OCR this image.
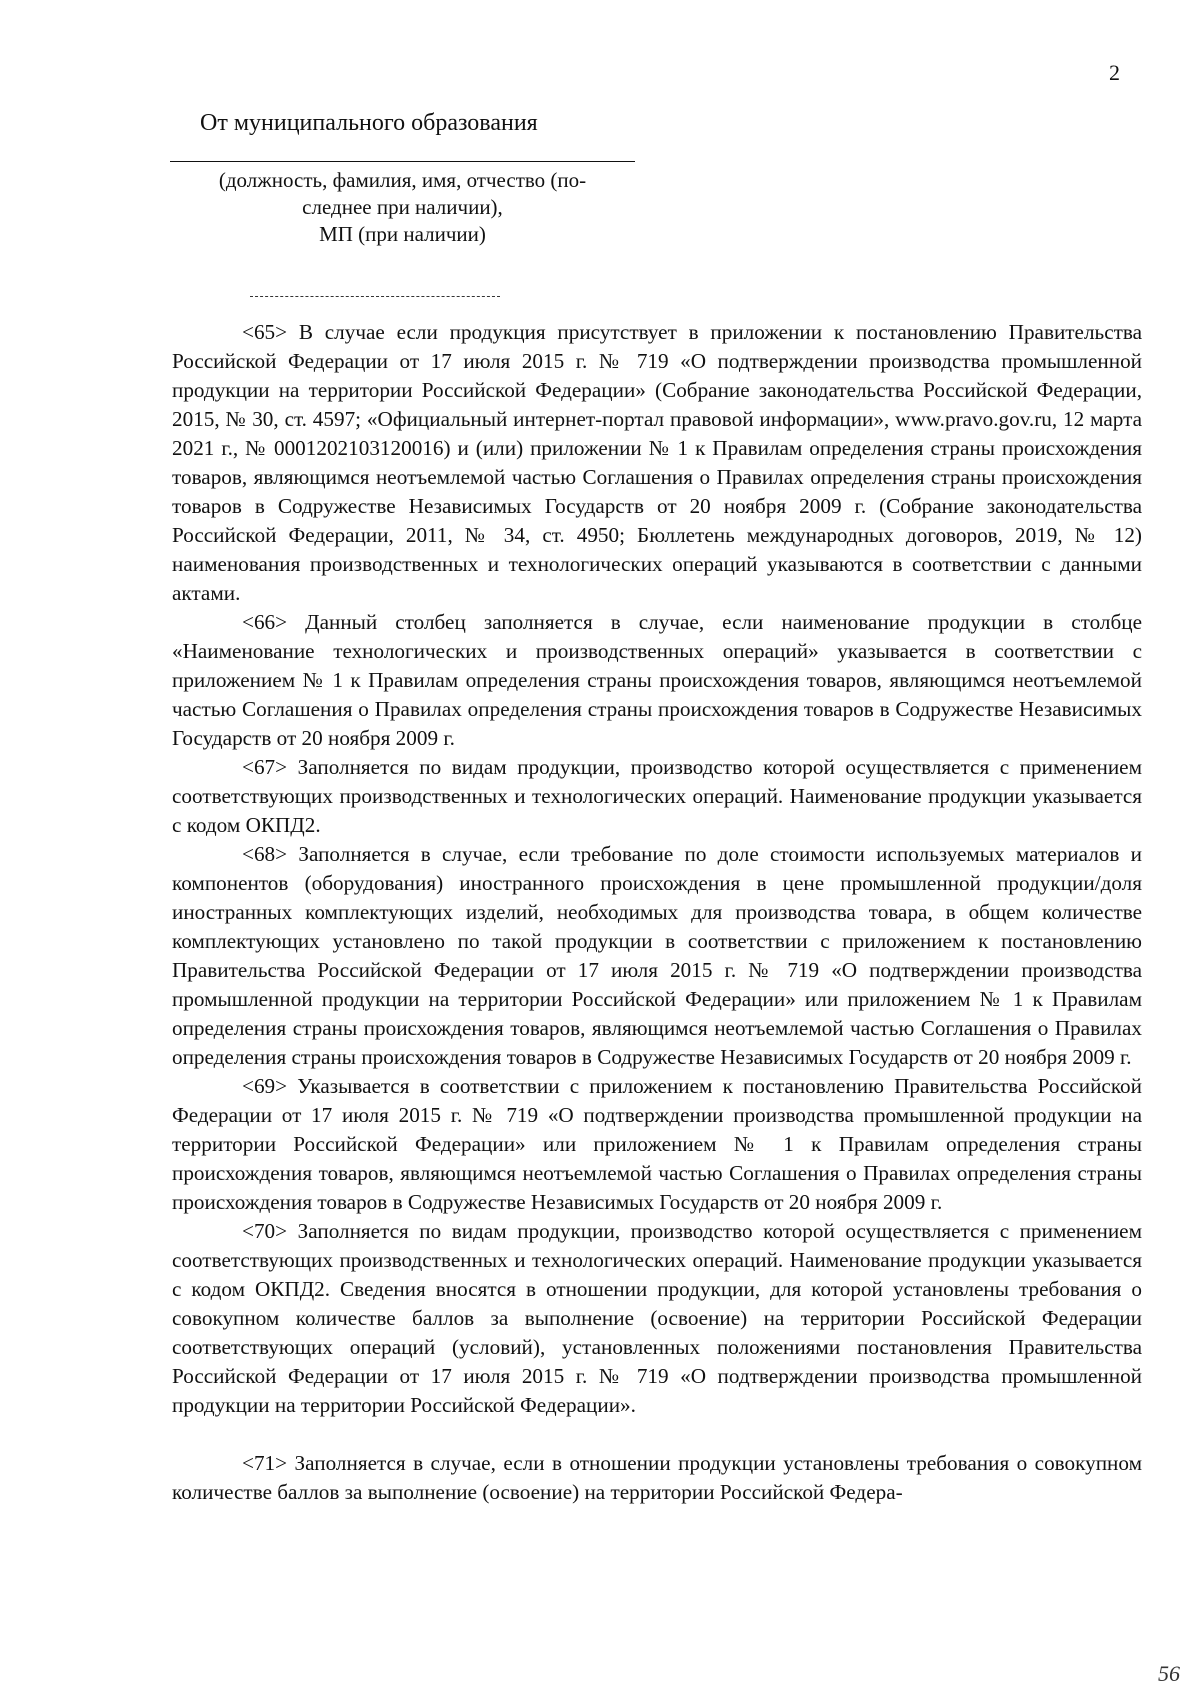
2
От муниципального образования
(должность, фамилия, имя, отчество (по-
следнее при наличии),
МП (при наличии)

<65> В случае если продукция присутствует в приложении к постановлению Правительства Российской Федерации от 17 июля 2015 г. № 719 «О подтверждении производства промышленной продукции на территории Российской Федерации» (Собрание законодательства Российской Федерации, 2015, № 30, ст. 4597; «Официальный интернет-портал правовой информации», www.pravo.gov.ru, 12 марта 2021 г., № 0001202103120016) и (или) приложении № 1 к Правилам определения страны происхождения товаров, являющимся неотъемлемой частью Соглашения о Правилах определения страны происхождения товаров в Содружестве Независимых Государств от 20 ноября 2009 г. (Собрание законодательства Российской Федерации, 2011, № 34, ст. 4950; Бюллетень международных договоров, 2019, № 12) наименования производственных и технологических операций указываются в соответствии с данными актами.

<66> Данный столбец заполняется в случае, если наименование продукции в столбце «Наименование технологических и производственных операций» указывается в соответствии с приложением № 1 к Правилам определения страны происхождения товаров, являющимся неотъемлемой частью Соглашения о Правилах определения страны происхождения товаров в Содружестве Независимых Государств от 20 ноября 2009 г.

<67> Заполняется по видам продукции, производство которой осуществляется с применением соответствующих производственных и технологических операций. Наименование продукции указывается с кодом ОКПД2.

<68> Заполняется в случае, если требование по доле стоимости используемых материалов и компонентов (оборудования) иностранного происхождения в цене промышленной продукции/доля иностранных комплектующих изделий, необходимых для производства товара, в общем количестве комплектующих установлено по такой продукции в соответствии с приложением к постановлению Правительства Российской Федерации от 17 июля 2015 г. № 719 «О подтверждении производства промышленной продукции на территории Российской Федерации» или приложением № 1 к Правилам определения страны происхождения товаров, являющимся неотъемлемой частью Соглашения о Правилах определения страны происхождения товаров в Содружестве Независимых Государств от 20 ноября 2009 г.

<69> Указывается в соответствии с приложением к постановлению Правительства Российской Федерации от 17 июля 2015 г. № 719 «О подтверждении производства промышленной продукции на территории Российской Федерации» или приложением № 1 к Правилам определения страны происхождения товаров, являющимся неотъемлемой частью Соглашения о Правилах определения страны происхождения товаров в Содружестве Независимых Государств от 20 ноября 2009 г.

<70> Заполняется по видам продукции, производство которой осуществляется с применением соответствующих производственных и технологических операций. Наименование продукции указывается с кодом ОКПД2. Сведения вносятся в отношении продукции, для которой установлены требования о совокупном количестве баллов за выполнение (освоение) на территории Российской Федерации соответствующих операций (условий), установленных положениями постановления Правительства Российской Федерации от 17 июля 2015 г. № 719 «О подтверждении производства промышленной продукции на территории Российской Федерации».

<71> Заполняется в случае, если в отношении продукции установлены требования о совокупном количестве баллов за выполнение (освоение) на территории Российской Федера-

56
